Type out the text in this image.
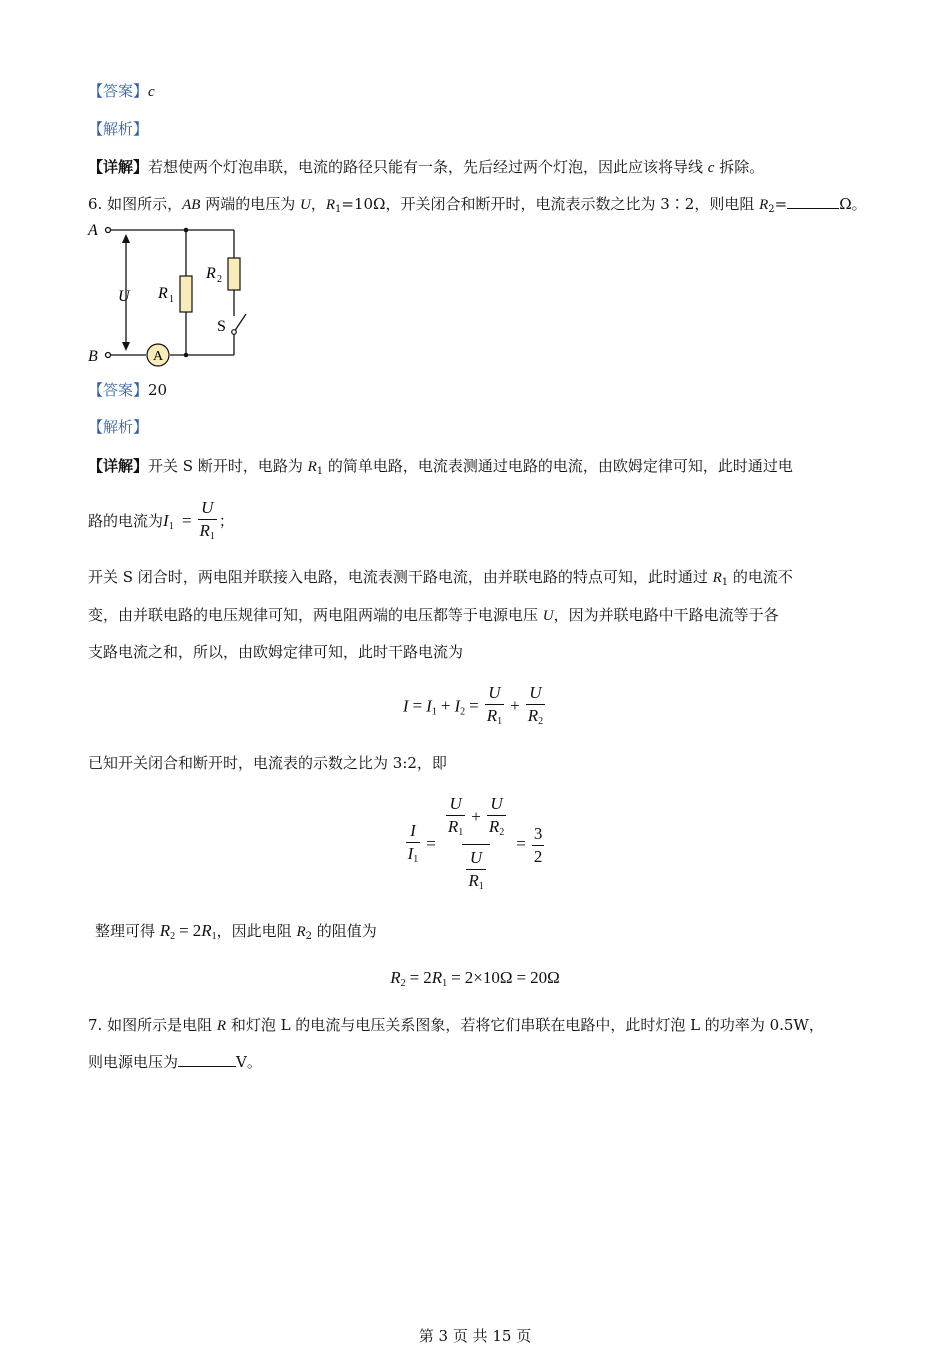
【答案】c
【解析】
【详解】若想使两个灯泡串联，电流的路径只能有一条，先后经过两个灯泡，因此应该将导线 c 拆除。
6. 如图所示，AB 两端的电压为 U，$R_1=10\Omega$，开关闭合和断开时，电流表示数之比为 3∶2，则电阻 $R_2=$	Ω。
A
A
B
U R 1
R 2
S
【答案】20
【解析】
【详解】开关 S 断开时，电路为 $R_1$ 的简单电路，电流表测通过电路的电流，由欧姆定律可知，此时通过电
路的电流为$I_1 = \frac{U}{R_1}$ ；
开关 S 闭合时，两电阻并联接入电路，电流表测干路电流，由并联电路的特点可知，此时通过 $R_1$ 的电流不
变，由并联电路的电压规律可知，两电阻两端的电压都等于电源电压 U，因为并联电路中干路电流等于各
支路电流之和，所以，由欧姆定律可知，此时干路电流为
$I = I_1 + I_2 = \frac{U}{R_1} + \frac{U}{R_2}$
已知开关闭合和断开时，电流表的示数之比为 3:2，即
$\frac{I}{I_1} = \frac{\frac{U}{R_1} + \frac{U}{R_2}}{\frac{U}{R_1}} = \frac{3}{2}$
整理可得 $R_2 = 2R_1$，因此电阻 $R_2$ 的阻值为
$R_2 = 2R_1 = 2\times 10\Omega = 20\Omega$
7. 如图所示是电阻 R 和灯泡 L 的电流与电压关系图象，若将它们串联在电路中，此时灯泡 L 的功率为 0.5W，
则电源电压为	V。
第 3 页 共 15 页
